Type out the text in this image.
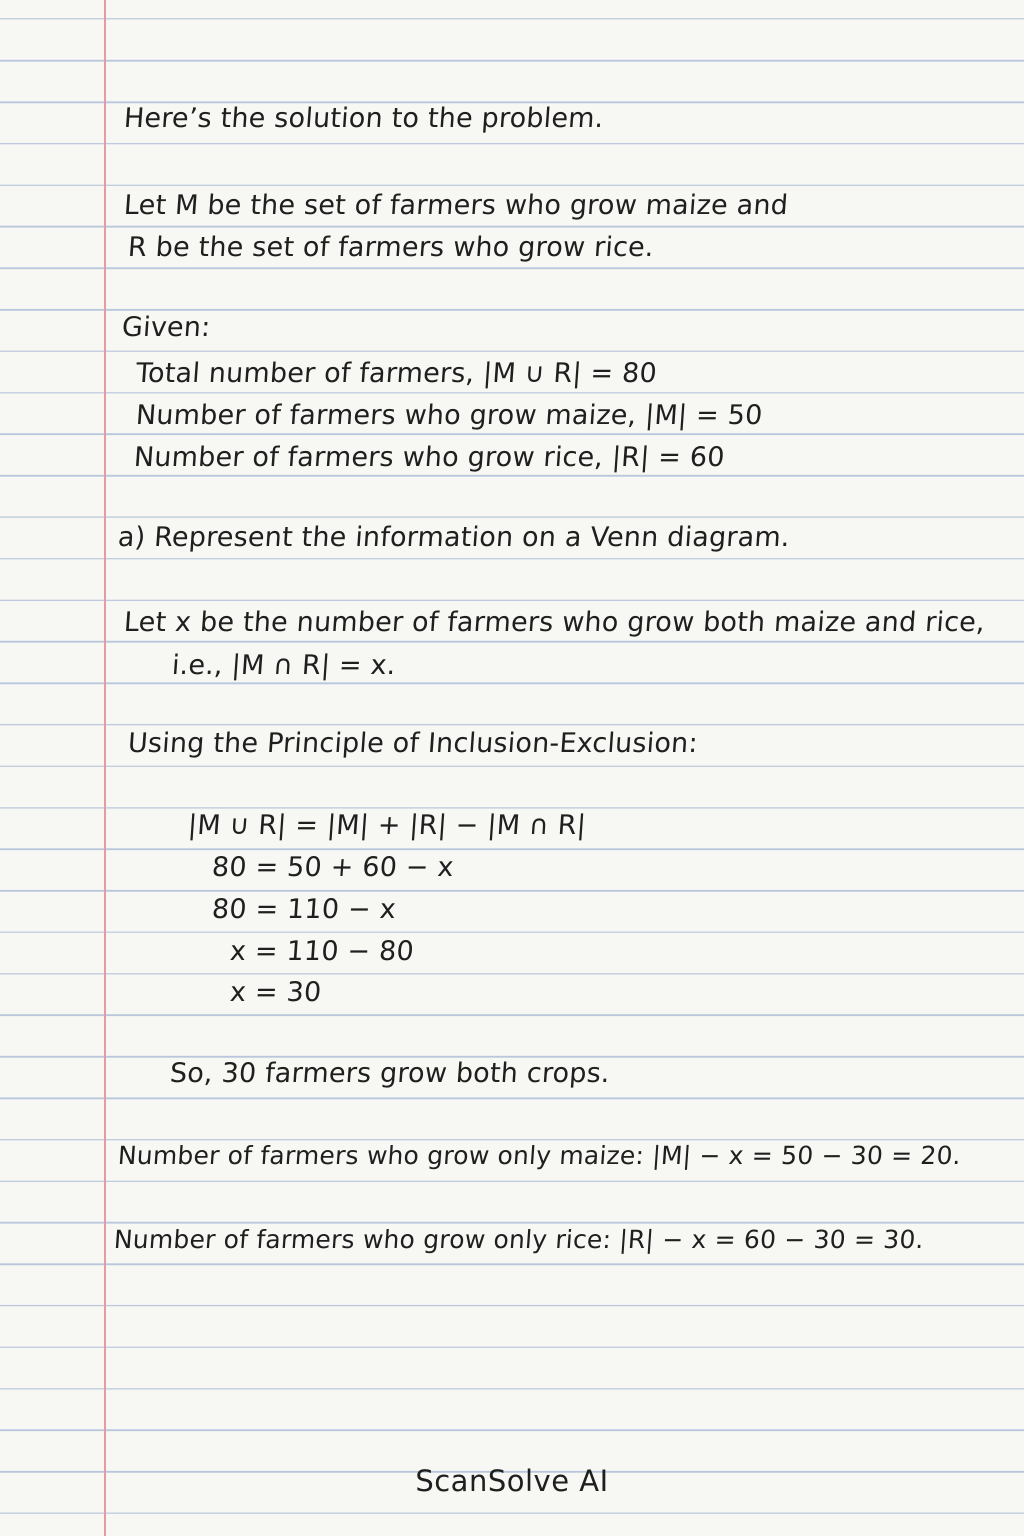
Here’s the solution to the problem.
Let M be the set of farmers who grow maize and
R be the set of farmers who grow rice.
Given:
Total number of farmers, |M ∪ R| = 80
Number of farmers who grow maize, |M| = 50
Number of farmers who grow rice, |R| = 60
a) Represent the information on a Venn diagram.
Let x be the number of farmers who grow both maize and rice,
i.e., |M ∩ R| = x.
Using the Principle of Inclusion-Exclusion:
|M ∪ R| = |M| + |R| − |M ∩ R|
80 = 50 + 60 − x
80 = 110 − x
x = 110 − 80
x = 30
So, 30 farmers grow both crops.
Number of farmers who grow only maize: |M| − x = 50 − 30 = 20.
Number of farmers who grow only rice: |R| − x = 60 − 30 = 30.
ScanSolve AI
